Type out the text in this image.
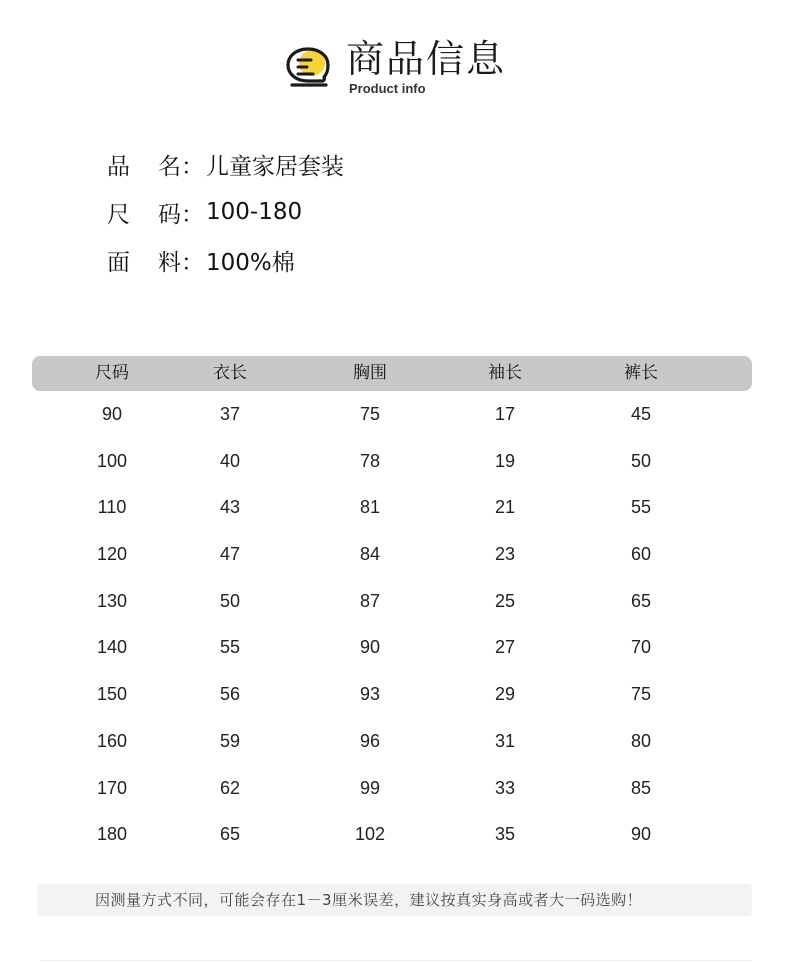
商品信息
Product info
品名 ： 儿童家居套装
尺码 ： 100-180
面料 ： 100%棉
尺码	衣长	胸围	袖长	裤长
90	37	75	17	45
100	40	78	19	50
110	43	81	21	55
120	47	84	23	60
130	50	87	25	65
140	55	90	27	70
150	56	93	29	75
160	59	96	31	80
170	62	99	33	85
180	65	102	35	90
因测量方式不同，可能会存在1－3厘米误差，建议按真实身高或者大一码选购！
